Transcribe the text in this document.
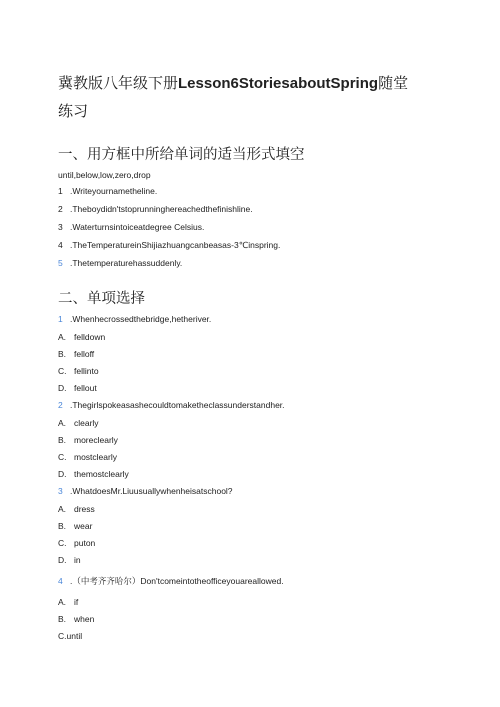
冀教版八年级下册Lesson6StoriesaboutSpring随堂
练习
一、用方框中所给单词的适当形式填空
until,below,low,zero,drop
1 .Writeyournametheline.
2 .Theboydidn'tstoprunninghereachedthefinishline.
3 .Waterturnsintoiceatdegree Celsius.
4 .TheTemperatureinShijiazhuangcanbeasas-3℃inspring.
5 .Thetemperaturehassuddenly.
二、单项选择
1 .Whenhecrossedthebridge,hetheriver.
A. felldown
B. felloff
C. fellinto
D. fellout
2 .Thegirlspokeasashecouldtomaketheclassunderstandher.
A. clearly
B. moreclearly
C. mostclearly
D. themostclearly
3 .WhatdoesMr.Liuusuallywhenheisatschool?
A. dress
B. wear
C. puton
D. in
4 .（中考齐齐哈尔）Don'tcomeintotheofficeyouareallowed.
A. if
B. when
C.until
